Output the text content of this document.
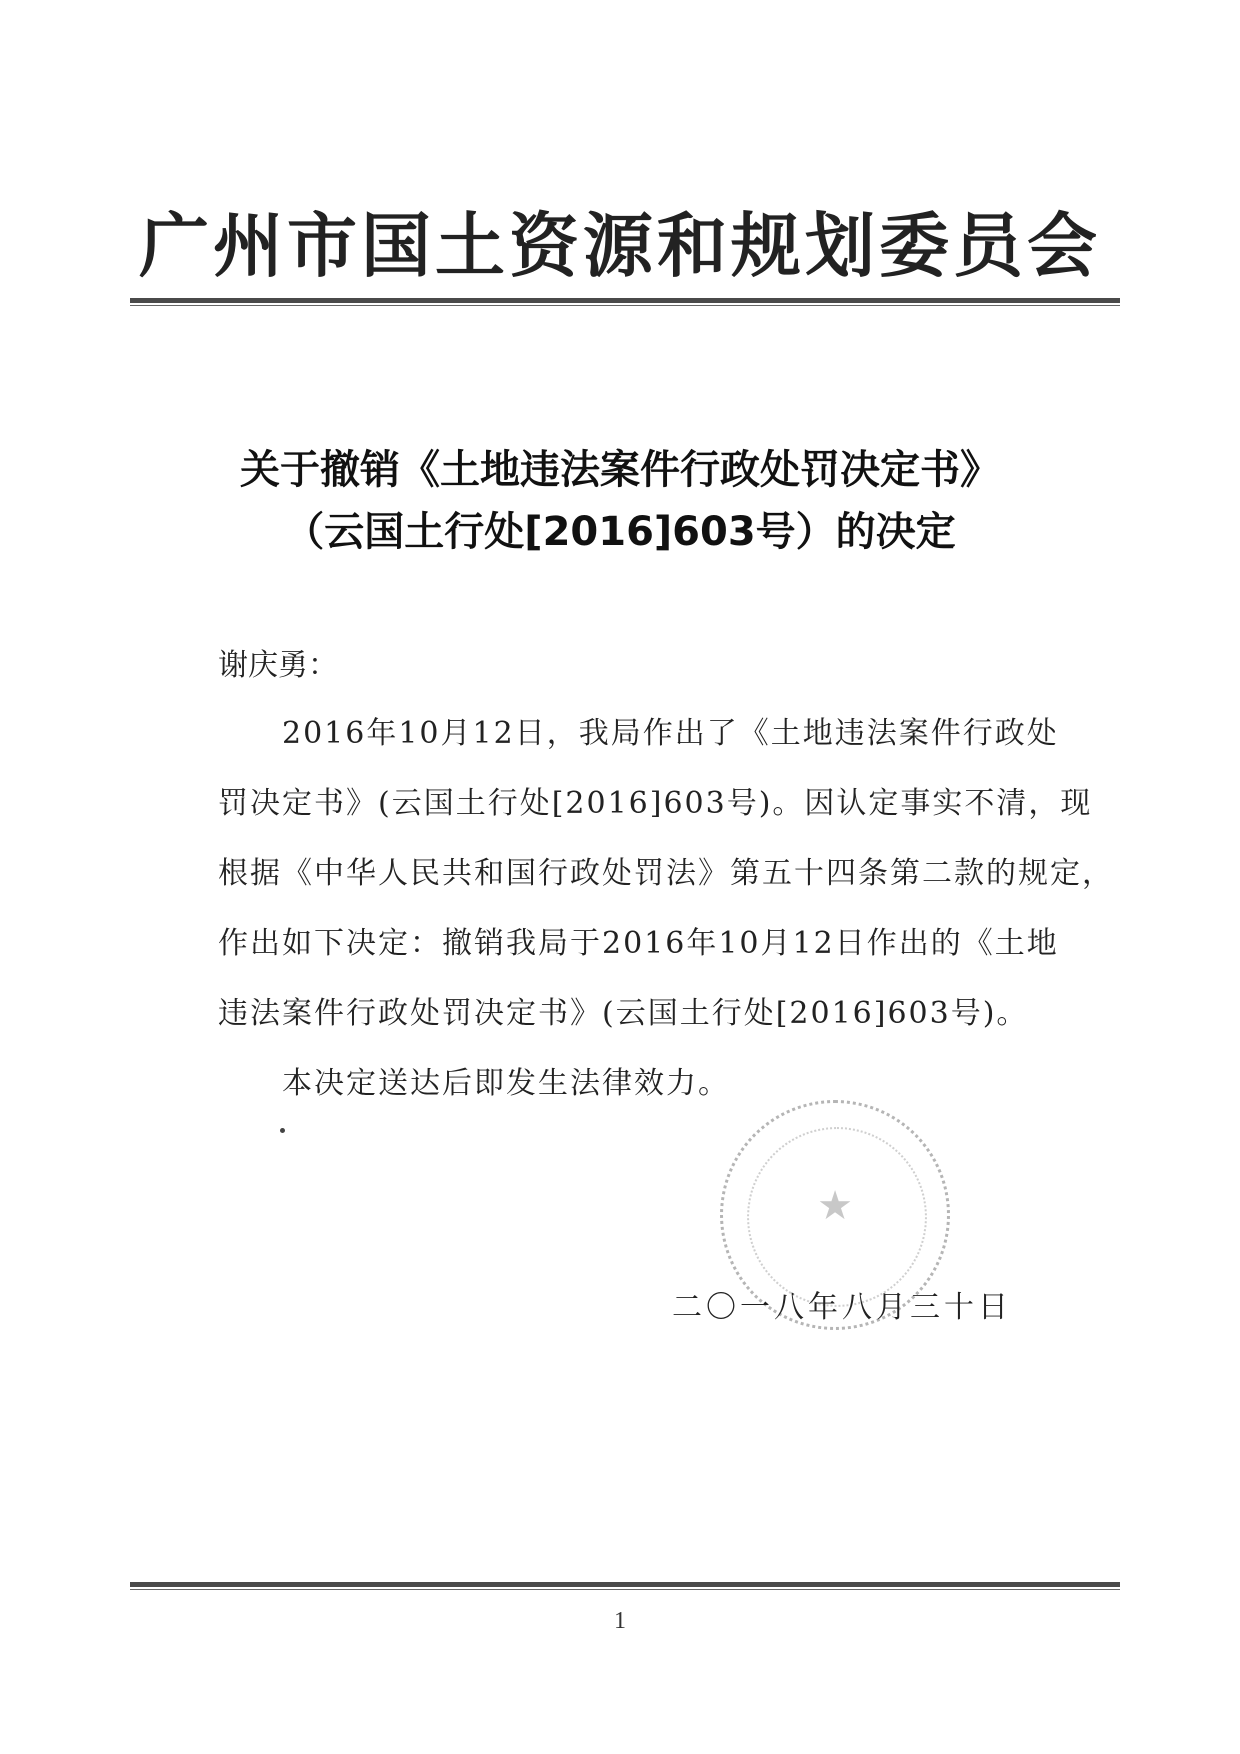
广州市国土资源和规划委员会
关于撤销《土地违法案件行政处罚决定书》
（云国土行处[2016]603号）的决定
谢庆勇：
2016年10月12日，我局作出了《土地违法案件行政处
罚决定书》(云国土行处[2016]603号)。因认定事实不清，现
根据《中华人民共和国行政处罚法》第五十四条第二款的规定，
作出如下决定：撤销我局于2016年10月12日作出的《土地
违法案件行政处罚决定书》(云国土行处[2016]603号)。
本决定送达后即发生法律效力。
★
二〇一八年八月三十日
1
